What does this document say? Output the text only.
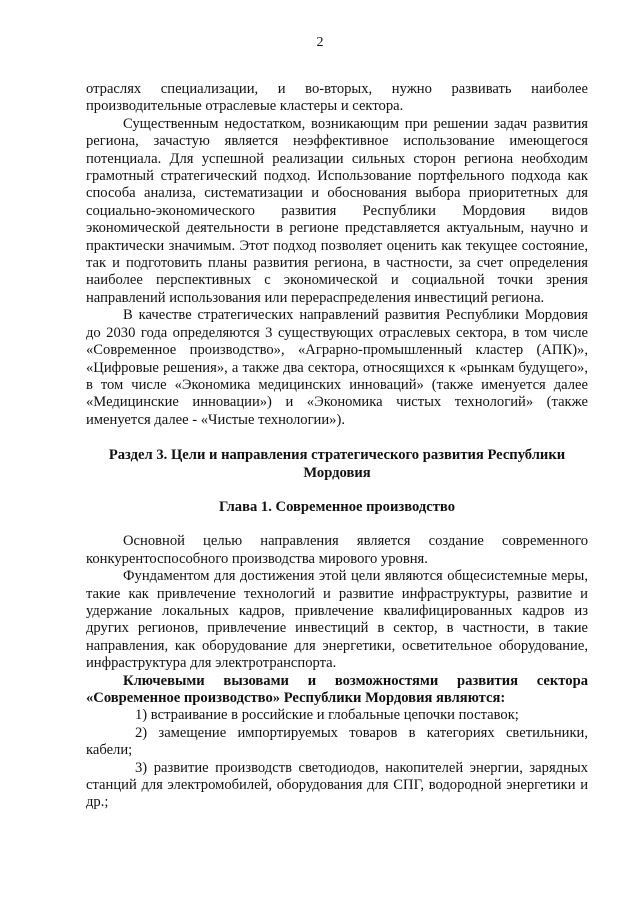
2

отраслях специализации, и во-вторых, нужно развивать наиболее производительные отраслевые кластеры и сектора.

Существенным недостатком, возникающим при решении задач развития региона, зачастую является неэффективное использование имеющегося потенциала. Для успешной реализации сильных сторон региона необходим грамотный стратегический подход. Использование портфельного подхода как способа анализа, систематизации и обоснования выбора приоритетных для социально-экономического развития Республики Мордовия видов экономической деятельности в регионе представляется актуальным, научно и практически значимым. Этот подход позволяет оценить как текущее состояние, так и подготовить планы развития региона, в частности, за счет определения наиболее перспективных с экономической и социальной точки зрения направлений использования или перераспределения инвестиций региона.

В качестве стратегических направлений развития Республики Мордовия до 2030 года определяются 3 существующих отраслевых сектора, в том числе «Современное производство», «Аграрно-промышленный кластер (АПК)», «Цифровые решения», а также два сектора, относящихся к «рынкам будущего», в том числе «Экономика медицинских инноваций» (также именуется далее «Медицинские инновации») и «Экономика чистых технологий» (также именуется далее - «Чистые технологии»).

Раздел 3. Цели и направления стратегического развития Республики Мордовия

Глава 1. Современное производство

Основной целью направления является создание современного конкурентоспособного производства мирового уровня.

Фундаментом для достижения этой цели являются общесистемные меры, такие как привлечение технологий и развитие инфраструктуры, развитие и удержание локальных кадров, привлечение квалифицированных кадров из других регионов, привлечение инвестиций в сектор, в частности, в такие направления, как оборудование для энергетики, осветительное оборудование, инфраструктура для электротранспорта.

Ключевыми вызовами и возможностями развития сектора «Современное производство» Республики Мордовия являются:

1) встраивание в российские и глобальные цепочки поставок;

2) замещение импортируемых товаров в категориях светильники, кабели;

3) развитие производств светодиодов, накопителей энергии, зарядных станций для электромобилей, оборудования для СПГ, водородной энергетики и др.;
